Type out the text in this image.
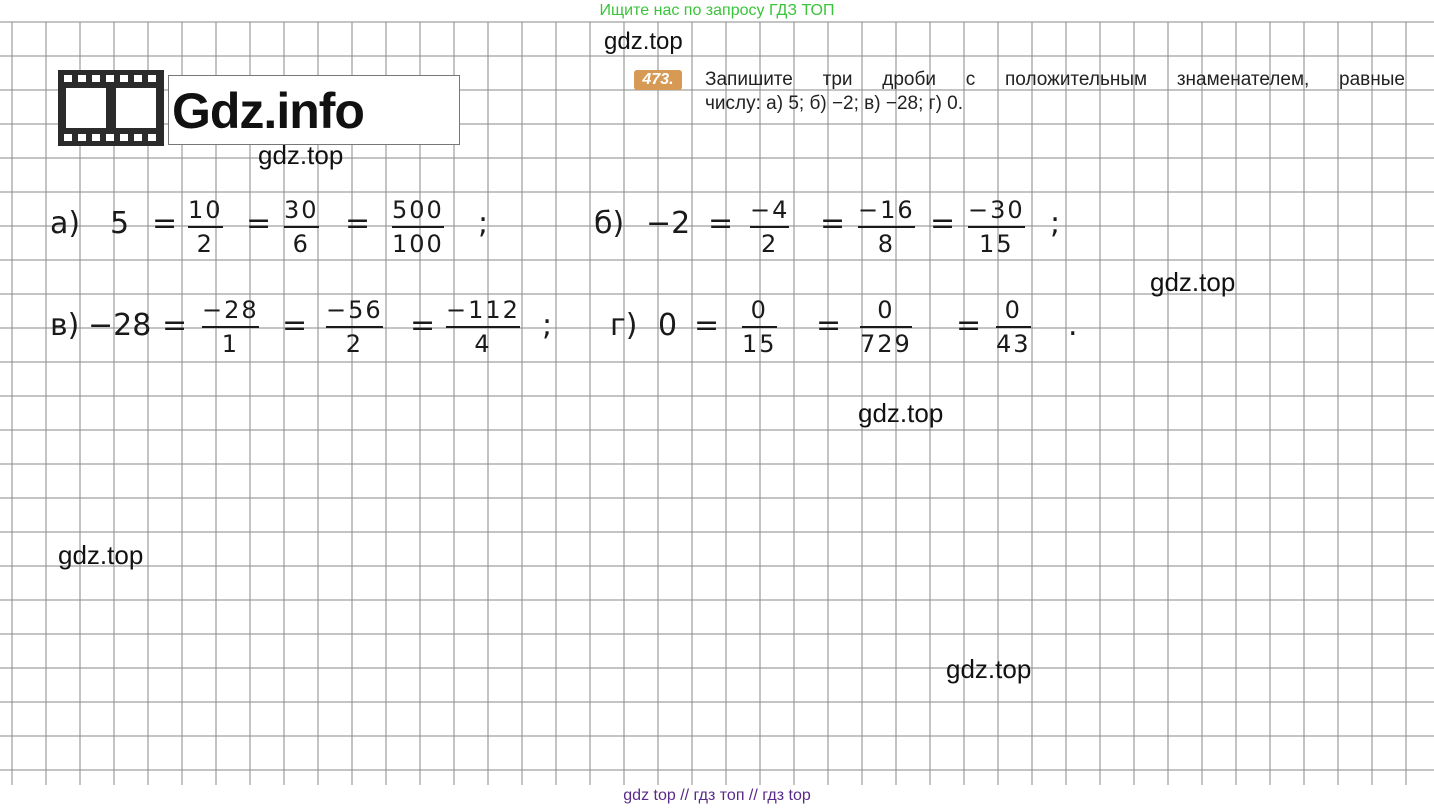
Ищите нас по запросу ГДЗ ТОП
Gdz.info
473.	Запишите три дроби с положительным знаменателем, равные
числу: а) 5; б) −2; в) −28; г) 0.
gdz.top
gdz.top
gdz.top
gdz.top
gdz.top
gdz.top
а) 5 = 10
2
= 30
6
= 500
100
;	б) −2 = −4
2
= −16
8
= −30
15
;
в) −28 = −28
1
= −56
2
= −112
4
; г) 0 = 0
15
= 0
729
= 0
43
.
gdz top // гдз топ // гдз top
